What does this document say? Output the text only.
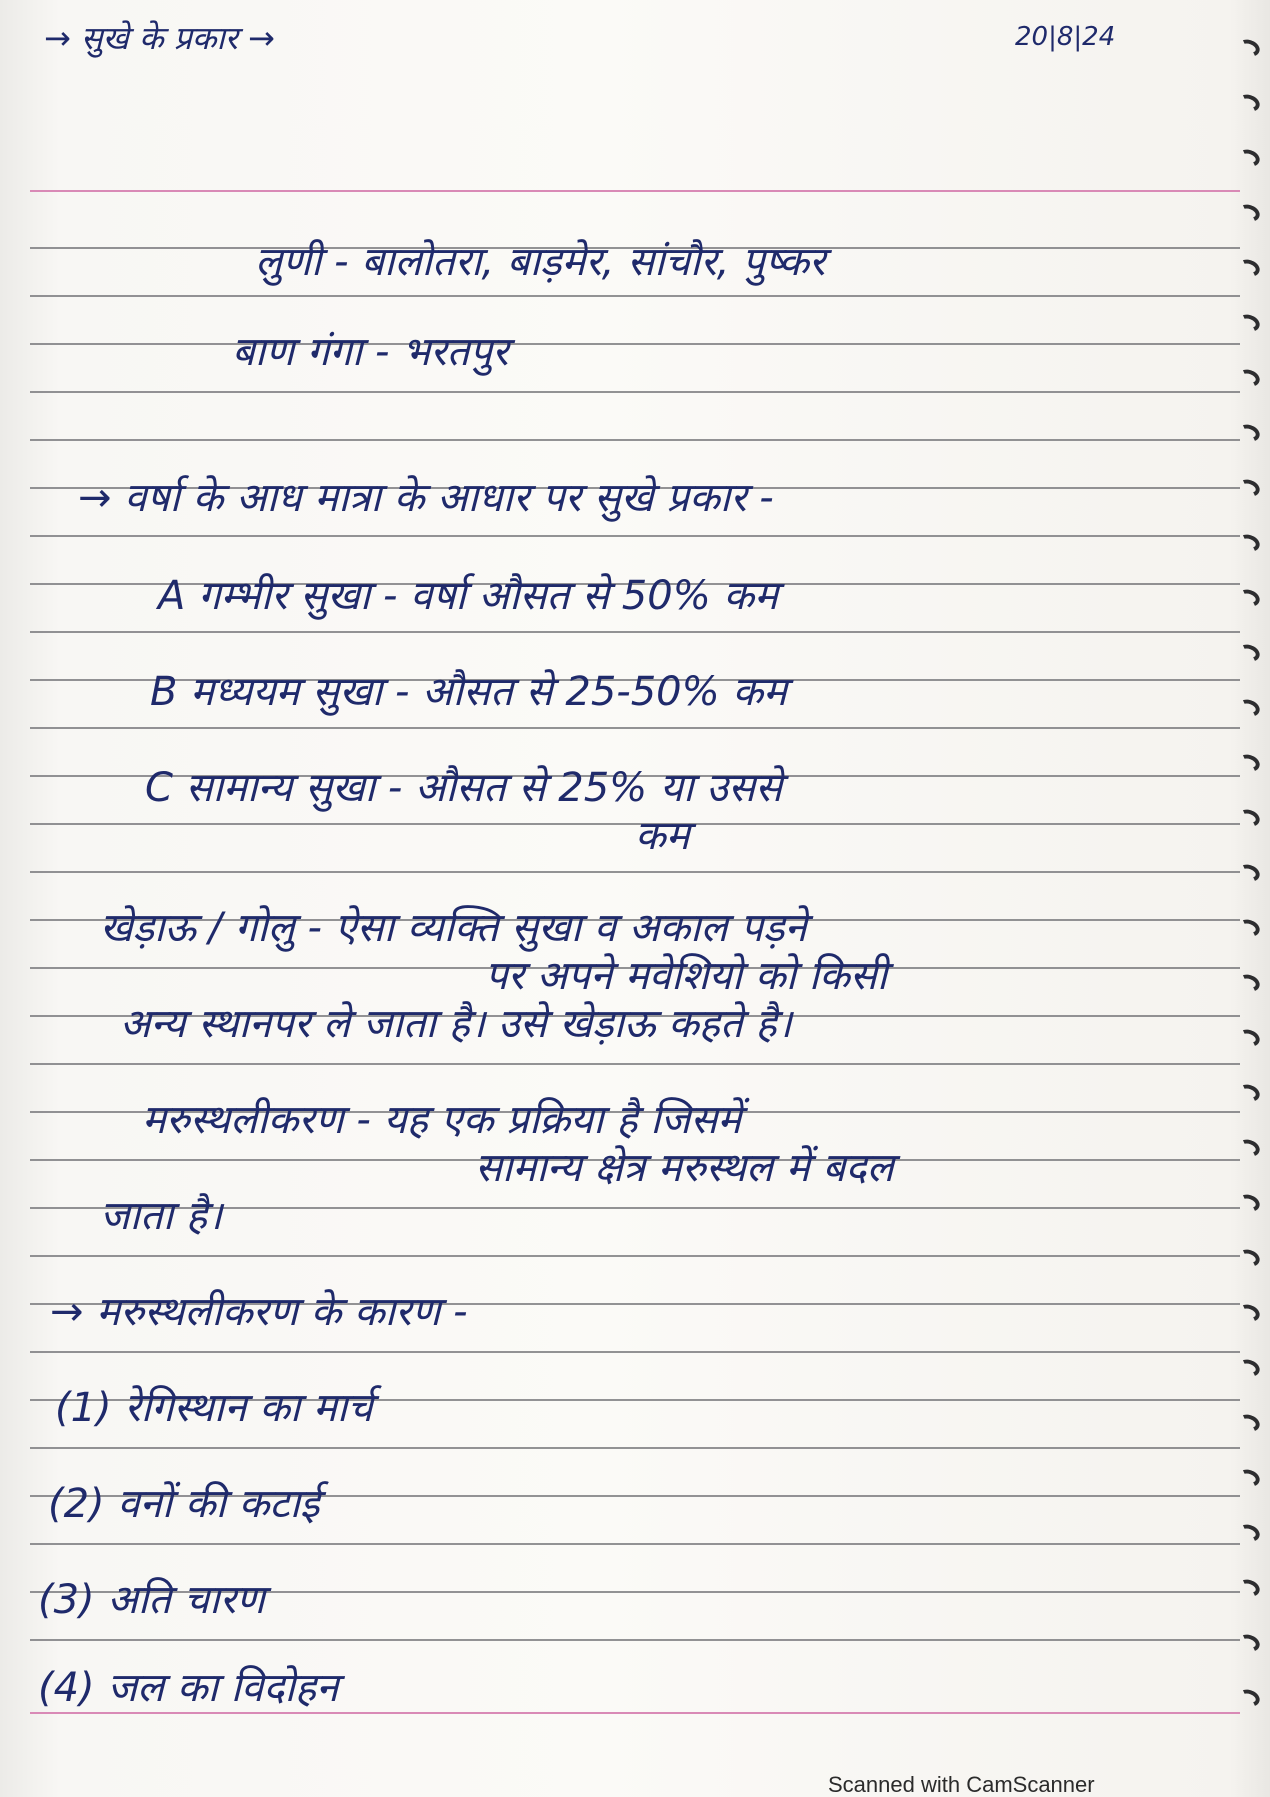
→ सुखे के प्रकार →	20|8|24
लुणी - बालोतरा, बाड़मेर, सांचौर, पुष्कर
बाण गंगा - भरतपुर
→ वर्षा के आध मात्रा के आधार पर सुखे प्रकार -
A गम्भीर सुखा - वर्षा औसत से 50% कम
B मध्ययम सुखा - औसत से 25-50% कम
C सामान्य सुखा - औसत से 25% या उससे
कम
खेड़ाऊ / गोलु - ऐसा व्यक्ति सुखा व अकाल पड़ने
पर अपने मवेशियो को किसी
अन्य स्थानपर ले जाता है। उसे खेड़ाऊ कहते है।
मरुस्थलीकरण - यह एक प्रक्रिया है जिसमें
सामान्य क्षेत्र मरुस्थल में बदल
जाता है।
→ मरुस्थलीकरण के कारण -
(1) रेगिस्थान का मार्च
(2) वनों की कटाई
(3) अति चारण
(4) जल का विदोहन
Scanned with CamScanner
